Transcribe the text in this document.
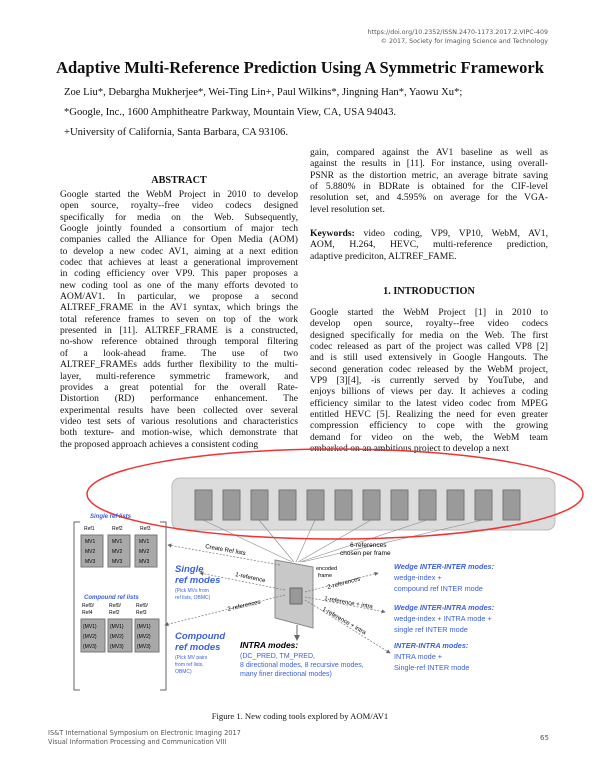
https://doi.org/10.2352/ISSN.2470-1173.2017.2.VIPC-409
© 2017, Society for Imaging Science and Technology
Adaptive Multi-Reference Prediction Using A Symmetric Framework
Zoe Liu*, Debargha Mukherjee*, Wei-Ting Lin+, Paul Wilkins*, Jingning Han*, Yaowu Xu*;
*Google, Inc., 1600 Amphitheatre Parkway, Mountain View, CA, USA 94043.
+University of California, Santa Barbara, CA 93106.
ABSTRACT
Google started the WebM Project in 2010 to develop
open source, royalty--free video codecs designed
specifically for media on the Web. Subsequently,
Google jointly founded a consortium of major tech
companies called the Alliance for Open Media (AOM)
to develop a new codec AV1, aiming at a next edition
codec that achieves at least a generational improvement
in coding efficiency over VP9. This paper proposes a
new coding tool as one of the many efforts devoted to
AOM/AV1. In particular, we propose a second
ALTREF_FRAME in the AV1 syntax, which brings the
total reference frames to seven on top of the work
presented in [11]. ALTREF_FRAME is a constructed,
no-show reference obtained through temporal filtering
of a look-ahead frame. The use of two
ALTREF_FRAMEs adds further flexibility to the multi-
layer, multi-reference symmetric framework, and
provides a great potential for the overall Rate-
Distortion (RD) performance enhancement. The
experimental results have been collected over several
video test sets of various resolutions and characteristics
both texture- and motion-wise, which demonstrate that
the proposed approach achieves a consistent coding
gain, compared against the AV1 baseline as well as
against the results in [11]. For instance, using overall-
PSNR as the distortion metric, an average bitrate saving
of 5.880% in BDRate is obtained for the CIF-level
resolution set, and 4.595% on average for the VGA-
level resolution set.
Keywords: video coding, VP9, VP10, WebM, AV1,
AOM, H.264, HEVC, multi-reference prediction,
adaptive prediciton, ALTREF_FAME.
1. INTRODUCTION
Google started the WebM Project [1] in 2010 to
develop open source, royalty--free video codecs
designed specifically for media on the Web. The first
codec released as part of the project was called VP8 [2]
and is still used extensively in Google Hangouts. The
second generation codec released by the WebM project,
VP9 [3][4], -is currently served by YouTube, and
enjoys billions of views per day. It achieves a coding
efficiency similar to the latest video codec from MPEG
entitled HEVC [5]. Realizing the need for even greater
compression efficiency to cope with the growing
demand for video on the web, the WebM team
embarked on an ambitious project to develop a next
Single ref lists
Ref1	Ref2	Ref3
MV1
MV2
MV3
MV1
MV2
MV3
MV1
MV2
MV3
Compound ref lists
Ref0/	Ref0/	Ref0/
Ref4	Ref2	Ref3
{MV1}
{MV2}
{MV3}
{MV1}
{MV2}
{MV3}
{MV1}
{MV2}
{MV3}
encoded
frame
6-references
chosen per frame
Create Ref lists
1-reference
2-references
2-references
1-reference + intra
1-reference + intra
Single
ref modes
(Pick MVs from
ref lists, OBMC)
Compound
ref modes
(Pick MV pairs
from ref lists,
OBMC)
INTRA modes:
(DC_PRED, TM_PRED,
8 directional modes, 8 recursive modes,
many finer directional modes)
Wedge INTER-INTER modes:
wedge-index +
compound ref INTER mode
Wedge INTER-INTRA modes:
wedge-index + INTRA mode +
single ref INTER mode
INTER-INTRA modes:
INTRA mode +
Single-ref INTER mode
Figure 1. New coding tools explored by AOM/AV1
IS&T International Symposium on Electronic Imaging 2017
Visual Information Processing and Communication VIII	65
